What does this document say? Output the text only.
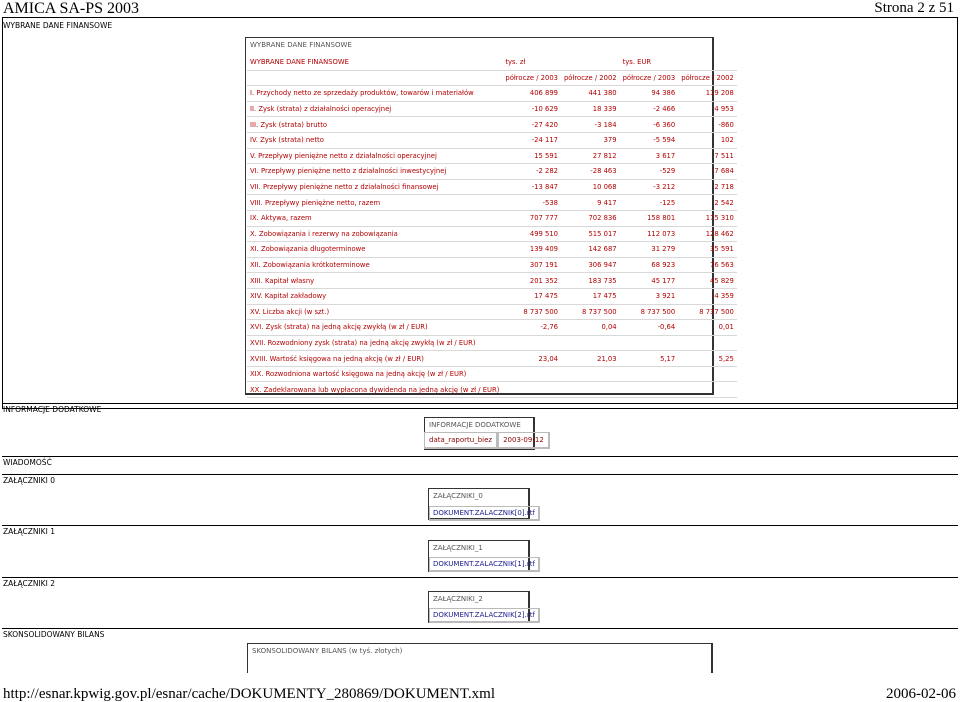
AMICA SA-PS 2003	Strona 2 z 51
http://esnar.kpwig.gov.pl/esnar/cache/DOKUMENTY_280869/DOKUMENT.xml	2006-02-06
WYBRANE DANE FINANSOWE
WYBRANE DANE FINANSOWE
WYBRANE DANE FINANSOWE	tys. zł		tys. EUR	
	półrocze / 2003	półrocze / 2002	półrocze / 2003	półrocze / 2002
I. Przychody netto ze sprzedaży produktów, towarów i materiałów	406 899	441 380	94 386	119 208
II. Zysk (strata) z działalności operacyjnej	-10 629	18 339	-2 466	4 953
III. Zysk (strata) brutto	-27 420	-3 184	-6 360	-860
IV. Zysk (strata) netto	-24 117	379	-5 594	102
V. Przepływy pieniężne netto z działalności operacyjnej	15 591	27 812	3 617	7 511
VI. Przepływy pieniężne netto z działalności inwestycyjnej	-2 282	-28 463	-529	-7 684
VII. Przepływy pieniężne netto z działalności finansowej	-13 847	10 068	-3 212	2 718
VIII. Przepływy pieniężne netto, razem	-538	9 417	-125	2 542
IX. Aktywa, razem	707 777	702 836	158 801	175 310
X. Zobowiązania i rezerwy na zobowiązania	499 510	515 017	112 073	128 462
XI. Zobowiązania długoterminowe	139 409	142 687	31 279	35 591
XII. Zobowiązania krótkoterminowe	307 191	306 947	68 923	76 563
XIII. Kapitał własny	201 352	183 735	45 177	45 829
XIV. Kapitał zakładowy	17 475	17 475	3 921	4 359
XV. Liczba akcji (w szt.)	8 737 500	8 737 500	8 737 500	8 737 500
XVI. Zysk (strata) na jedną akcję zwykłą (w zł / EUR)	-2,76	0,04	-0,64	0,01
XVII. Rozwodniony zysk (strata) na jedną akcję zwykłą (w zł / EUR)				
XVIII. Wartość księgowa na jedną akcję (w zł / EUR)	23,04	21,03	5,17	5,25
XIX. Rozwodniona wartość księgowa na jedną akcję (w zł / EUR)				
XX. Zadeklarowana lub wypłacona dywidenda na jedną akcję (w zł / EUR)				
INFORMACJE DODATKOWE
INFORMACJE DODATKOWE
data_raportu_biez	2003-09-12
WIADOMOŚĆ
ZAŁĄCZNIKI 0
ZAŁĄCZNIKI_0
DOKUMENT.ZALACZNIK[0].rtf
ZAŁĄCZNIKI 1
ZAŁĄCZNIKI_1
DOKUMENT.ZALACZNIK[1].rtf
ZAŁĄCZNIKI 2
ZAŁĄCZNIKI_2
DOKUMENT.ZALACZNIK[2].rtf
SKONSOLIDOWANY BILANS
SKONSOLIDOWANY BILANS (w tyś. złotych)
